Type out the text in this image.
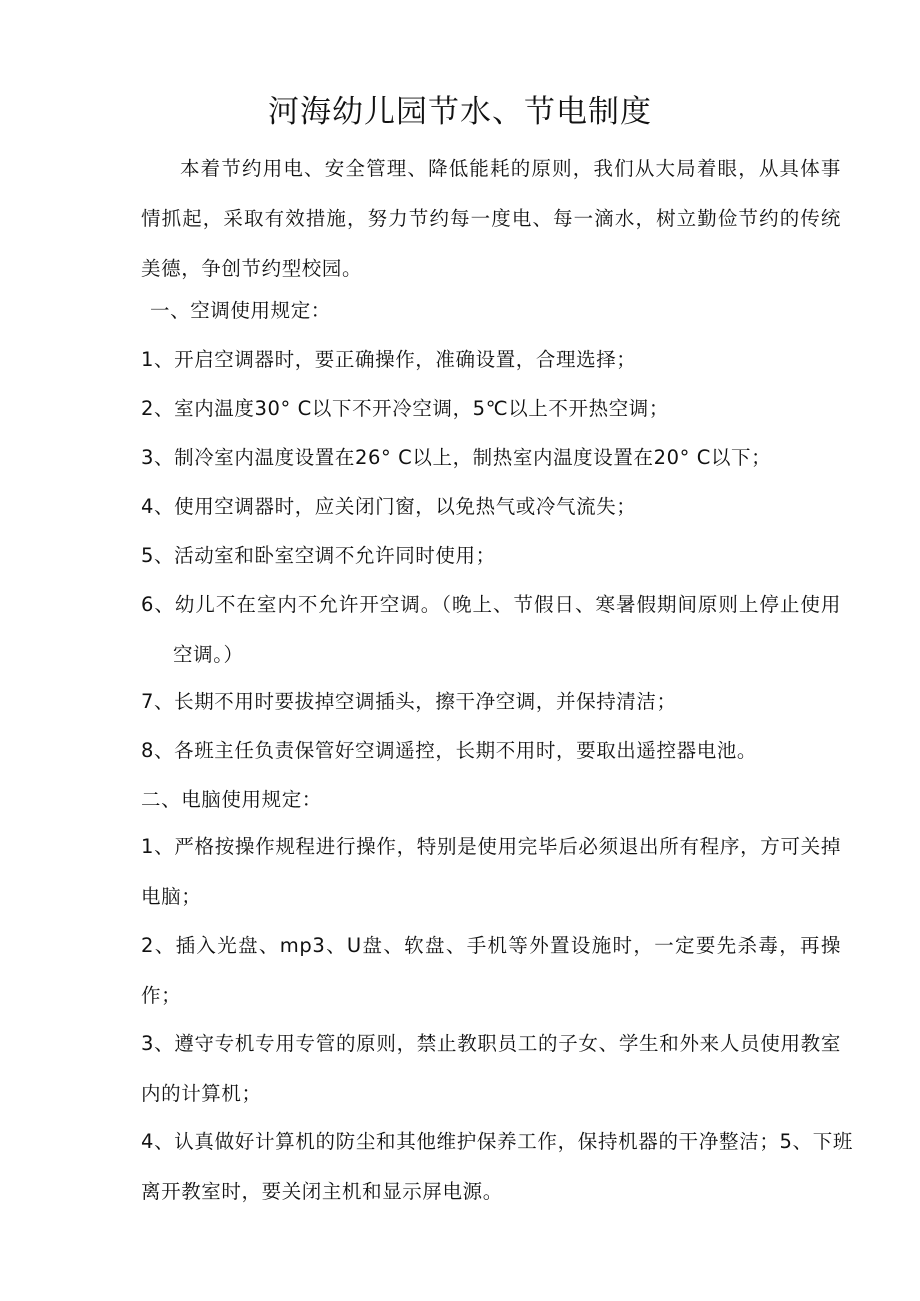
河海幼儿园节水、节电制度
本着节约用电、安全管理、降低能耗的原则，我们从大局着眼，从具体事情抓起，采取有效措施，努力节约每一度电、每一滴水，树立勤俭节约的传统美德，争创节约型校园。
一、空调使用规定：
1、开启空调器时，要正确操作，准确设置，合理选择；
2、室内温度30° C以下不开冷空调，5℃以上不开热空调；
3、制冷室内温度设置在26° C以上，制热室内温度设置在20° C以下；
4、使用空调器时，应关闭门窗，以免热气或冷气流失；
5、活动室和卧室空调不允许同时使用；
6、幼儿不在室内不允许开空调。（晚上、节假日、寒暑假期间原则上停止使用空调。）
7、长期不用时要拔掉空调插头，擦干净空调，并保持清洁；
8、各班主任负责保管好空调遥控，长期不用时，要取出遥控器电池。
二、电脑使用规定：
1、严格按操作规程进行操作，特别是使用完毕后必须退出所有程序，方可关掉电脑；
2、插入光盘、mp3、U盘、软盘、手机等外置设施时，一定要先杀毒，再操作；
3、遵守专机专用专管的原则，禁止教职员工的子女、学生和外来人员使用教室内的计算机；
4、认真做好计算机的防尘和其他维护保养工作，保持机器的干净整洁；5、下班离开教室时，要关闭主机和显示屏电源。
